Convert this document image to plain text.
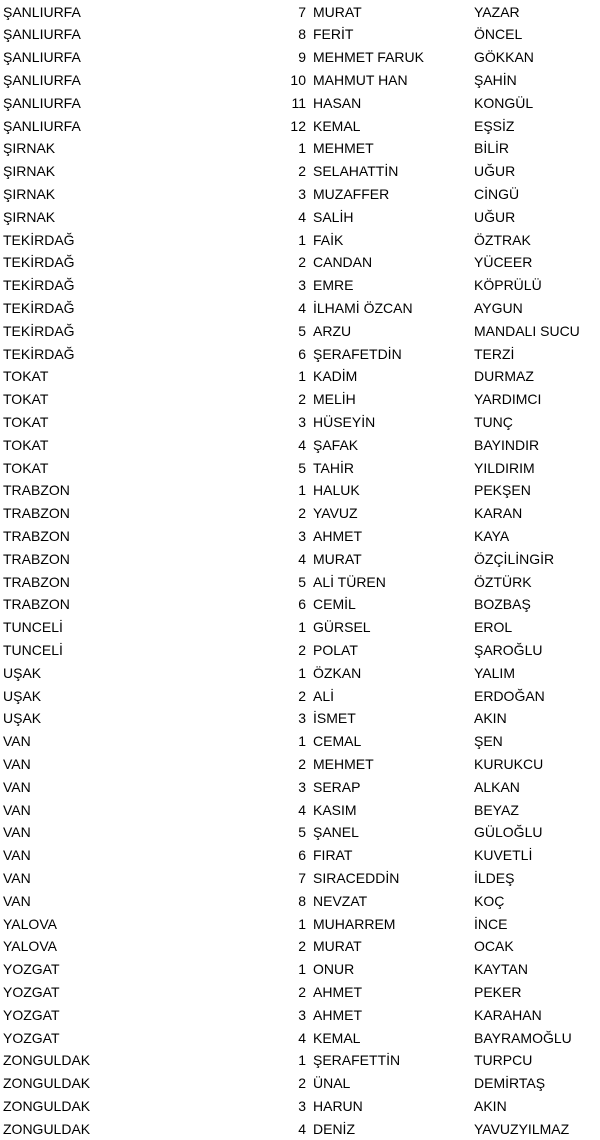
ŞANLIURFA	7 MURAT	YAZAR
ŞANLIURFA	8 FERİT	ÖNCEL
ŞANLIURFA	9 MEHMET FARUK	GÖKKAN
ŞANLIURFA	10 MAHMUT HAN	ŞAHİN
ŞANLIURFA	11 HASAN	KONGÜL
ŞANLIURFA	12 KEMAL	EŞSİZ
ŞIRNAK	1 MEHMET	BİLİR
ŞIRNAK	2 SELAHATTİN	UĞUR
ŞIRNAK	3 MUZAFFER	CİNGÜ
ŞIRNAK	4 SALİH	UĞUR
TEKİRDAĞ	1 FAİK	ÖZTRAK
TEKİRDAĞ	2 CANDAN	YÜCEER
TEKİRDAĞ	3 EMRE	KÖPRÜLÜ
TEKİRDAĞ	4 İLHAMİ ÖZCAN	AYGUN
TEKİRDAĞ	5 ARZU	MANDALI SUCU
TEKİRDAĞ	6 ŞERAFETDİN	TERZİ
TOKAT	1 KADİM	DURMAZ
TOKAT	2 MELİH	YARDIMCI
TOKAT	3 HÜSEYİN	TUNÇ
TOKAT	4 ŞAFAK	BAYINDIR
TOKAT	5 TAHİR	YILDIRIM
TRABZON	1 HALUK	PEKŞEN
TRABZON	2 YAVUZ	KARAN
TRABZON	3 AHMET	KAYA
TRABZON	4 MURAT	ÖZÇİLİNGİR
TRABZON	5 ALİ TÜREN	ÖZTÜRK
TRABZON	6 CEMİL	BOZBAŞ
TUNCELİ	1 GÜRSEL	EROL
TUNCELİ	2 POLAT	ŞAROĞLU
UŞAK	1 ÖZKAN	YALIM
UŞAK	2 ALİ	ERDOĞAN
UŞAK	3 İSMET	AKIN
VAN	1 CEMAL	ŞEN
VAN	2 MEHMET	KURUKCU
VAN	3 SERAP	ALKAN
VAN	4 KASIM	BEYAZ
VAN	5 ŞANEL	GÜLOĞLU
VAN	6 FIRAT	KUVETLİ
VAN	7 SIRACEDDİN	İLDEŞ
VAN	8 NEVZAT	KOÇ
YALOVA	1 MUHARREM	İNCE
YALOVA	2 MURAT	OCAK
YOZGAT	1 ONUR	KAYTAN
YOZGAT	2 AHMET	PEKER
YOZGAT	3 AHMET	KARAHAN
YOZGAT	4 KEMAL	BAYRAMOĞLU
ZONGULDAK	1 ŞERAFETTİN	TURPCU
ZONGULDAK	2 ÜNAL	DEMİRTAŞ
ZONGULDAK	3 HARUN	AKIN
ZONGULDAK	4 DENİZ	YAVUZYILMAZ
